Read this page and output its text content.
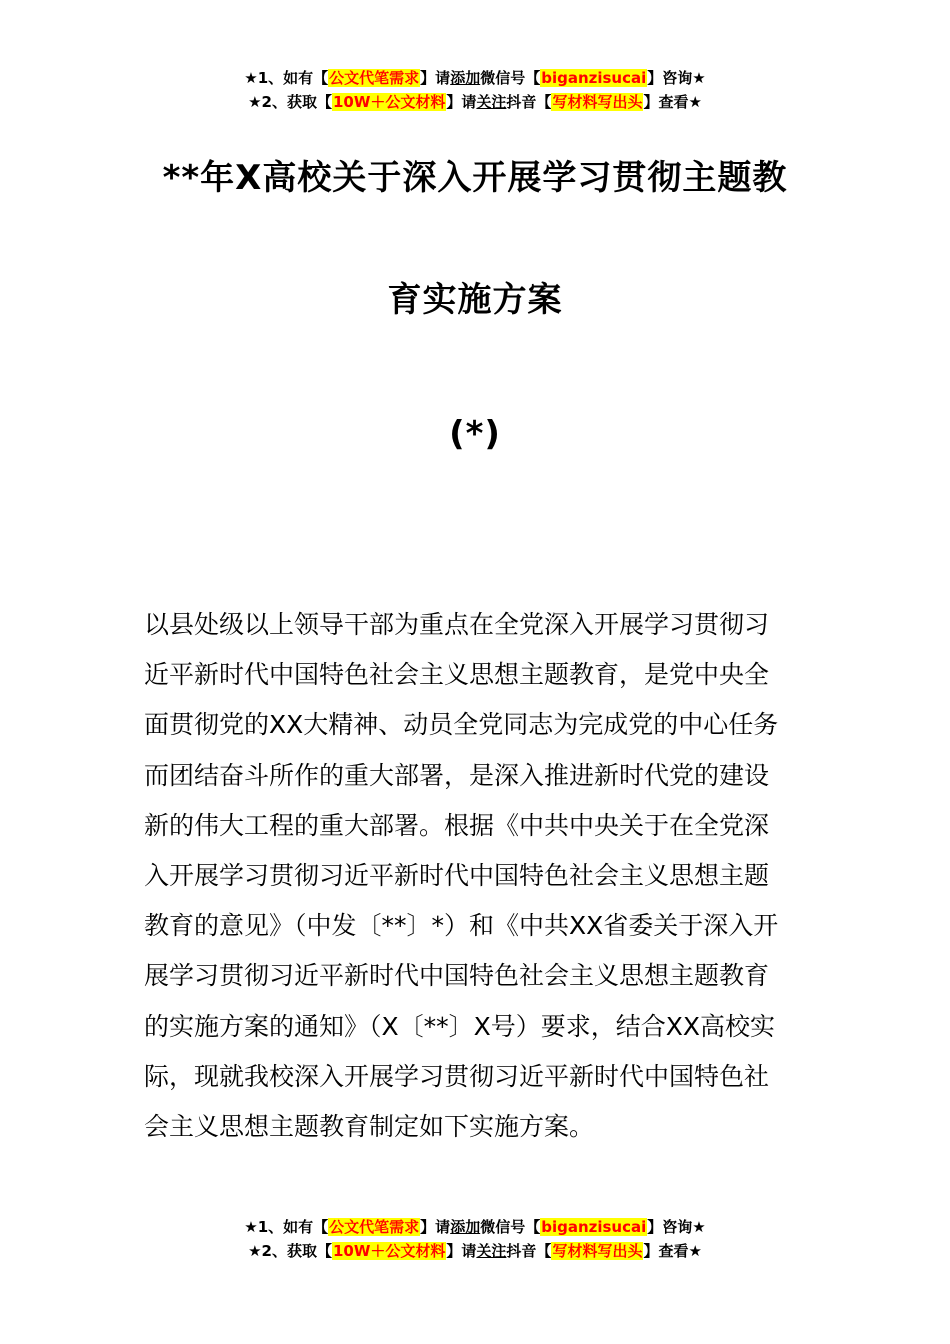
★1、如有【公文代笔需求】请添加微信号【biganzisucai】咨询★
★2、获取【10W＋公文材料】请关注抖音【写材料写出头】查看★
**年X高校关于深入开展学习贯彻主题教
育实施方案
(*)
以县处级以上领导干部为重点在全党深入开展学习贯彻习
近平新时代中国特色社会主义思想主题教育，是党中央全
面贯彻党的XX大精神、动员全党同志为完成党的中心任务
而团结奋斗所作的重大部署，是深入推进新时代党的建设
新的伟大工程的重大部署。根据《中共中央关于在全党深
入开展学习贯彻习近平新时代中国特色社会主义思想主题
教育的意见》（中发〔**〕*）和《中共XX省委关于深入开
展学习贯彻习近平新时代中国特色社会主义思想主题教育
的实施方案的通知》（X〔**〕X号）要求，结合XX高校实
际，现就我校深入开展学习贯彻习近平新时代中国特色社
会主义思想主题教育制定如下实施方案。
★1、如有【公文代笔需求】请添加微信号【biganzisucai】咨询★
★2、获取【10W＋公文材料】请关注抖音【写材料写出头】查看★
